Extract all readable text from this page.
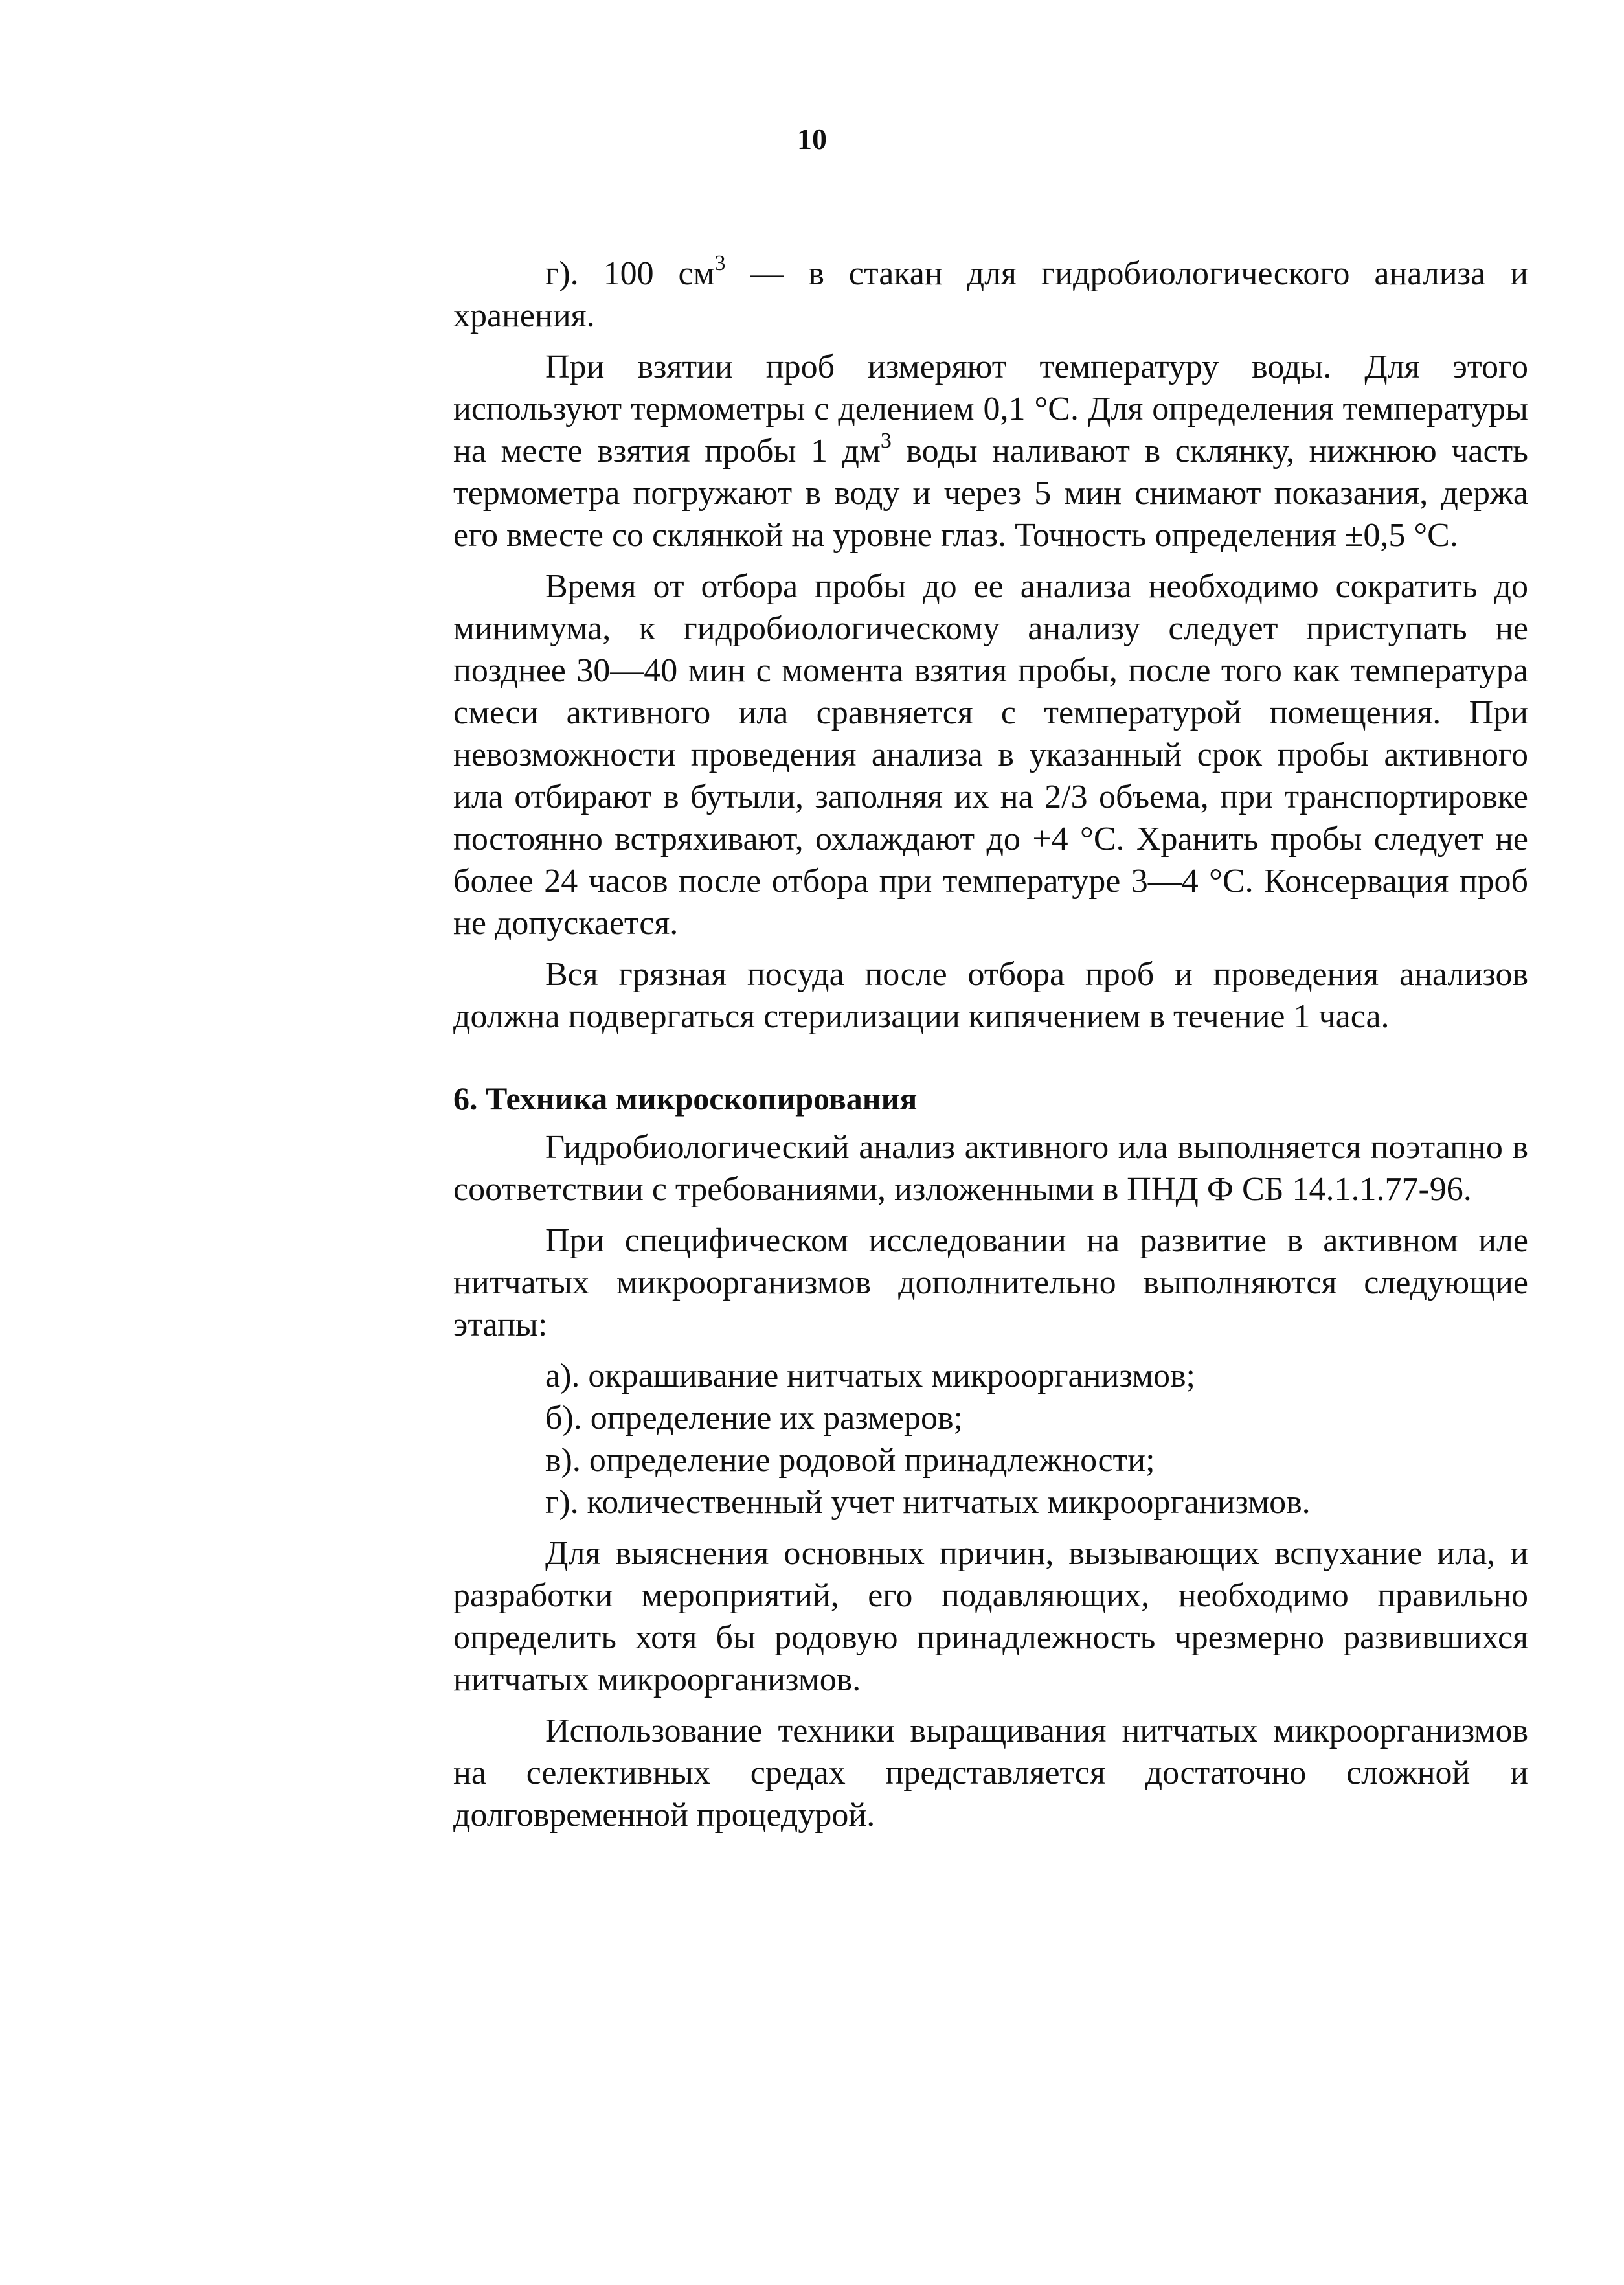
10

г). 100 $см^3$ — в стакан для гидробиологического анализа и хранения.

При взятии проб измеряют температуру воды. Для этого используют термометры с делением 0,1 °С. Для определения температуры на месте взятия пробы 1 $дм^3$ воды наливают в склянку, нижнюю часть термометра погружают в воду и через 5 мин снимают показания, держа его вместе со склянкой на уровне глаз. Точность определения ±0,5 °С.

Время от отбора пробы до ее анализа необходимо сократить до минимума, к гидробиологическому анализу следует приступать не позднее 30—40 мин с момента взятия пробы, после того как температура смеси активного ила сравняется с температурой помещения. При невозможности проведения анализа в указанный срок пробы активного ила отбирают в бутыли, заполняя их на 2/3 объема, при транспортировке постоянно встряхивают, охлаждают до +4 °С. Хранить пробы следует не более 24 часов после отбора при температуре 3—4 °С. Консервация проб не допускается.

Вся грязная посуда после отбора проб и проведения анализов должна подвергаться стерилизации кипячением в течение 1 часа.

6. Техника микроскопирования

Гидробиологический анализ активного ила выполняется поэтапно в соответствии с требованиями, изложенными в ПНД Ф СБ 14.1.1.77-96.

При специфическом исследовании на развитие в активном иле нитчатых микроорганизмов дополнительно выполняются следующие этапы:

а). окрашивание нитчатых микроорганизмов;

б). определение их размеров;

в). определение родовой принадлежности;

г). количественный учет нитчатых микроорганизмов.

Для выяснения основных причин, вызывающих вспухание ила, и разработки мероприятий, его подавляющих, необходимо правильно определить хотя бы родовую принадлежность чрезмерно развившихся нитчатых микроорганизмов.

Использование техники выращивания нитчатых микроорганизмов на селективных средах представляется достаточно сложной и долговременной процедурой.
